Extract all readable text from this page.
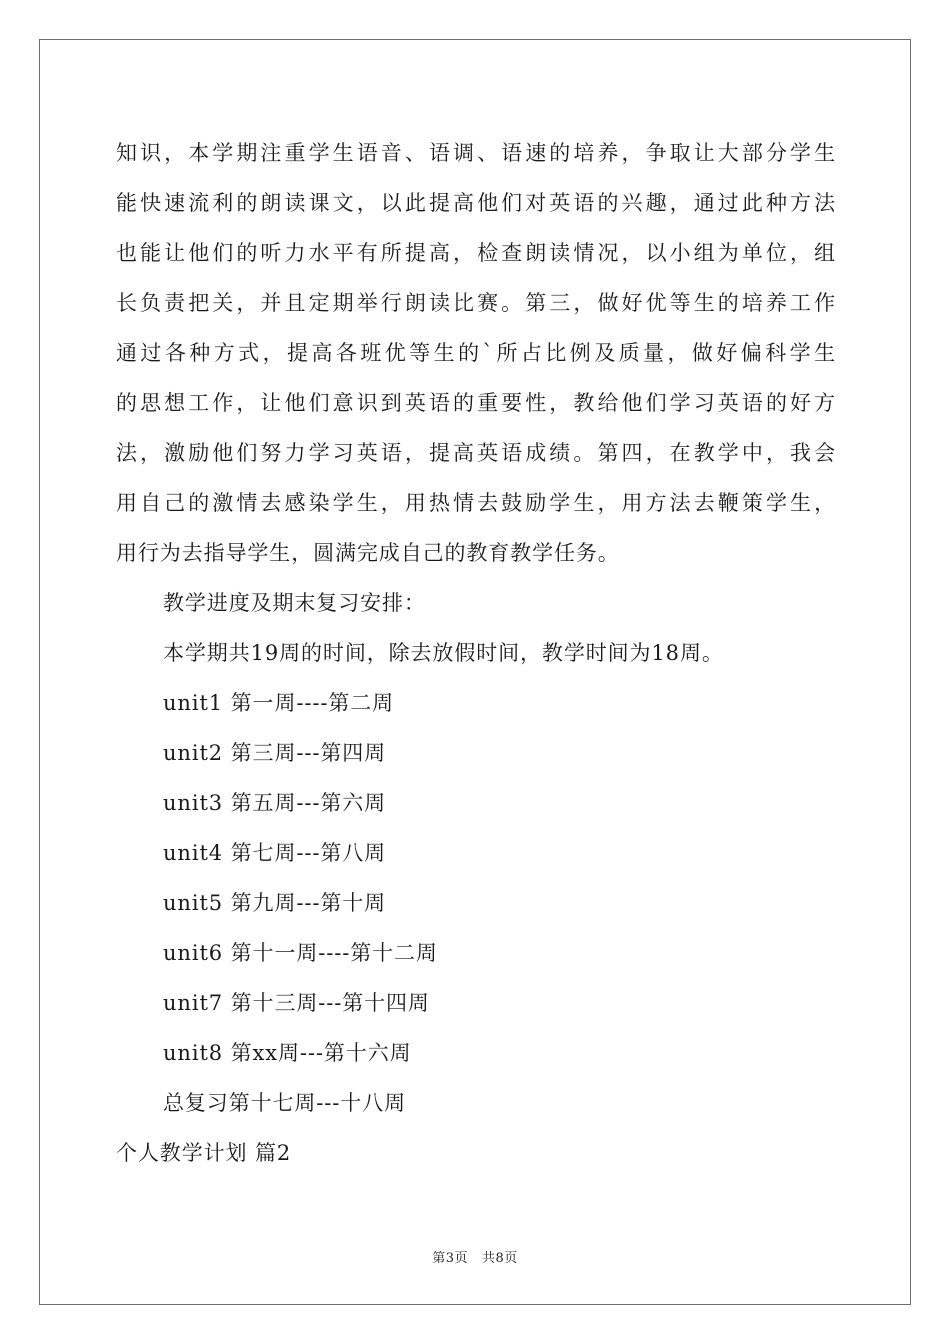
知识，本学期注重学生语音、语调、语速的培养，争取让大部分学生
能快速流利的朗读课文，以此提高他们对英语的兴趣，通过此种方法
也能让他们的听力水平有所提高，检查朗读情况，以小组为单位，组
长负责把关，并且定期举行朗读比赛。第三，做好优等生的培养工作
通过各种方式，提高各班优等生的`所占比例及质量，做好偏科学生
的思想工作，让他们意识到英语的重要性，教给他们学习英语的好方
法，激励他们努力学习英语，提高英语成绩。第四，在教学中，我会
用自己的激情去感染学生，用热情去鼓励学生，用方法去鞭策学生，
用行为去指导学生，圆满完成自己的教育教学任务。
教学进度及期末复习安排：
本学期共19周的时间，除去放假时间，教学时间为18周。
unit1 第一周----第二周
unit2 第三周---第四周
unit3 第五周---第六周
unit4 第七周---第八周
unit5 第九周---第十周
unit6 第十一周----第十二周
unit7 第十三周---第十四周
unit8 第xx周---第十六周
总复习第十七周---十八周
个人教学计划 篇2
第3页 共8页
